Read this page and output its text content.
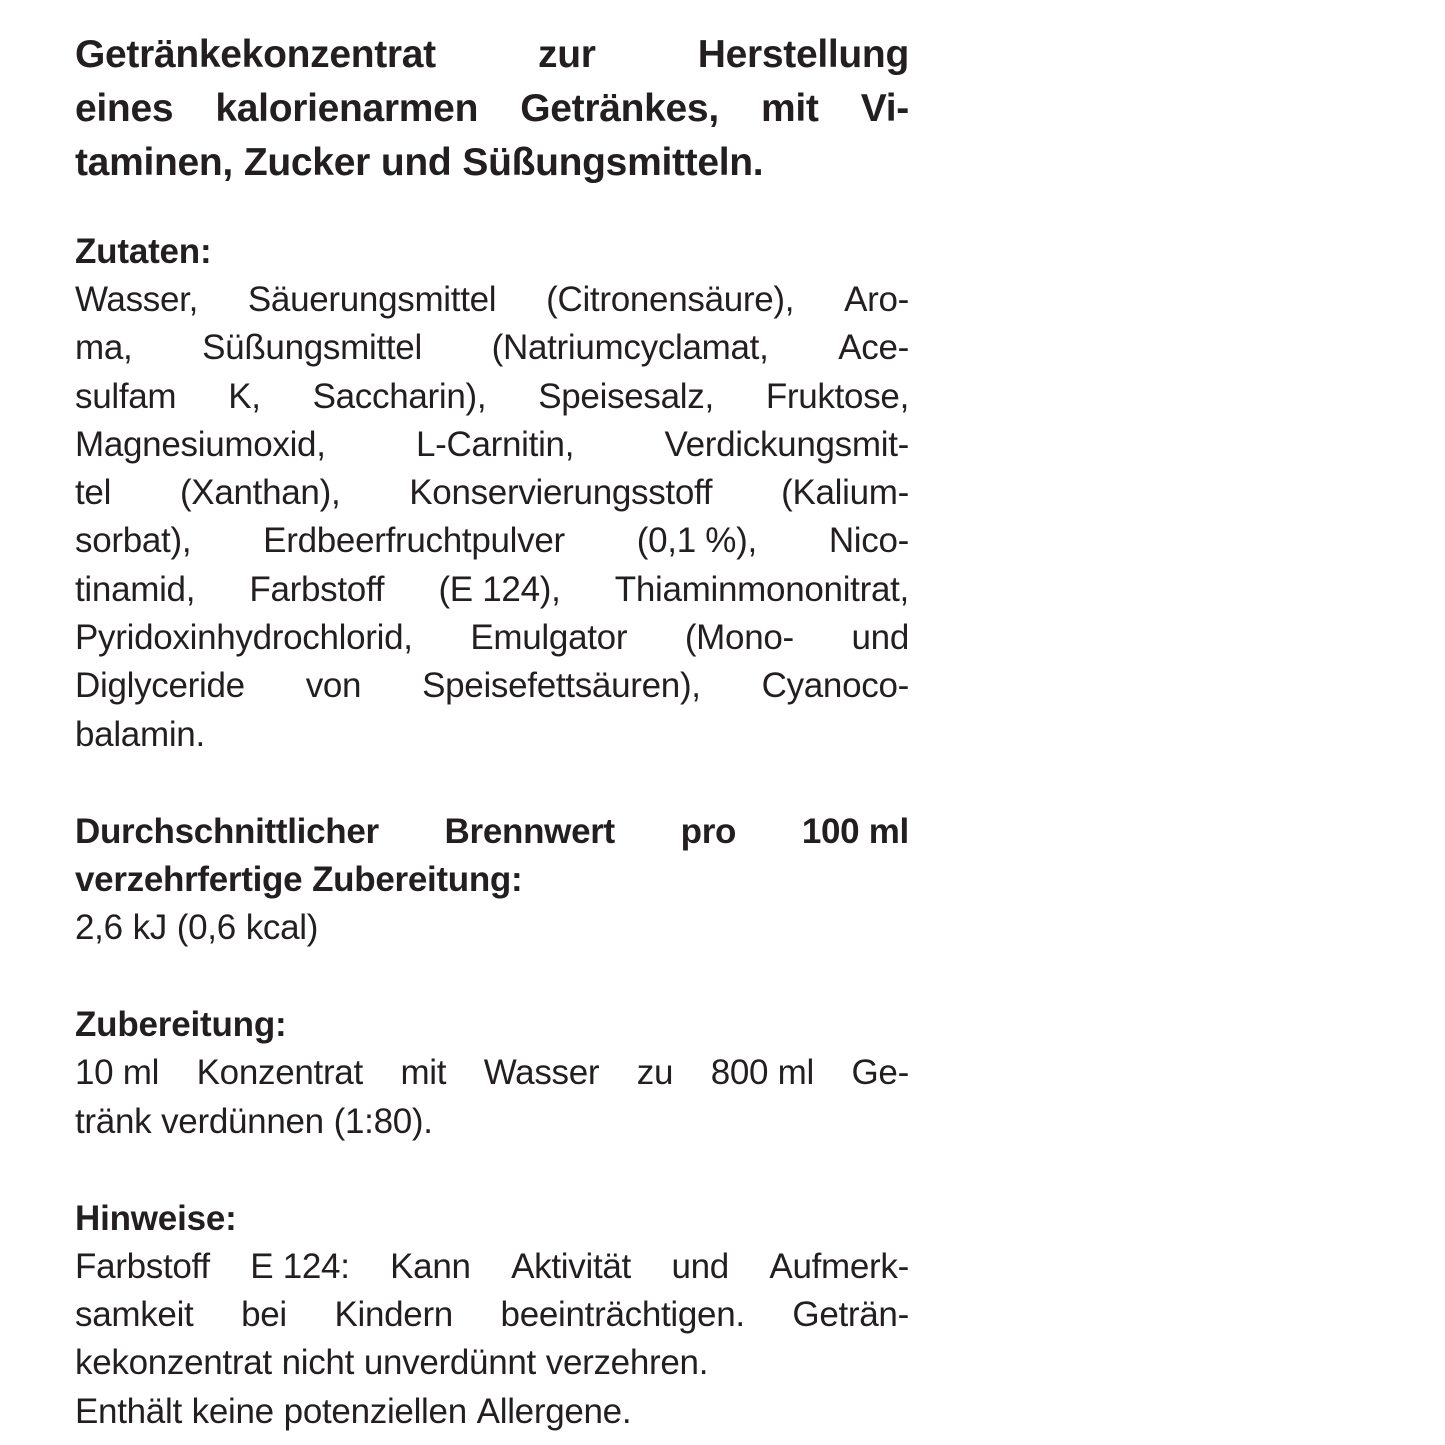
Getränkekonzentrat	zur	Herstellung
eines kalorienarmen Getränkes, mit Vi-
taminen, Zucker und Süßungsmitteln.
Zutaten:
Wasser, Säuerungsmittel (Citronensäure), Aro-
ma, Süßungsmittel (Natriumcyclamat, Ace-
sulfam K, Saccharin), Speisesalz, Fruktose,
Magnesiumoxid,	L-Carnitin,	Verdickungsmit-
tel (Xanthan), Konservierungsstoff (Kalium-
sorbat), Erdbeerfruchtpulver (0,1 %), Nico-
tinamid, Farbstoff (E 124), Thiaminmononitrat,
Pyridoxinhydrochlorid, Emulgator (Mono- und
Diglyceride von Speisefettsäuren), Cyanoco-
balamin.
Durchschnittlicher Brennwert pro 100 ml
verzehrfertige Zubereitung:
2,6 kJ (0,6 kcal)
Zubereitung:
10 ml Konzentrat mit Wasser zu 800 ml Ge-
tränk verdünnen (1:80).
Hinweise:
Farbstoff E 124: Kann Aktivität und Aufmerk-
samkeit bei Kindern beeinträchtigen. Geträn-
kekonzentrat nicht unverdünnt verzehren.
Enthält keine potenziellen Allergene.
